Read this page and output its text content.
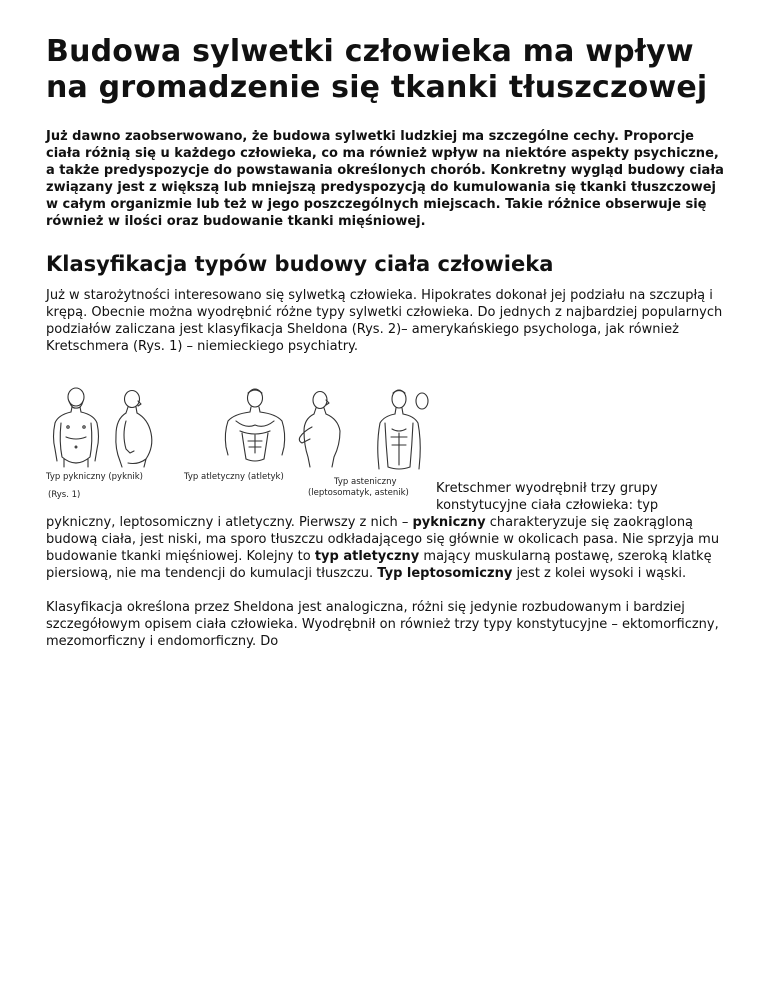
Budowa sylwetki człowieka ma wpływ na gromadzenie się tkanki tłuszczowej
Już dawno zaobserwowano, że budowa sylwetki ludzkiej ma szczególne cechy. Proporcje ciała różnią się u każdego człowieka, co ma również wpływ na niektóre aspekty psychiczne, a także predyspozycje do powstawania określonych chorób. Konkretny wygląd budowy ciała związany jest z większą lub mniejszą predyspozycją do kumulowania się tkanki tłuszczowej w całym organizmie lub też w jego poszczególnych miejscach. Takie różnice obserwuje się również w ilości oraz budowanie tkanki mięśniowej.
Klasyfikacja typów budowy ciała człowieka

Już w starożytności interesowano się sylwetką człowieka. Hipokrates dokonał jej podziału na szczupłą i krępą. Obecnie można wyodrębnić różne typy sylwetki człowieka. Do jednych z najbardziej popularnych podziałów zaliczana jest klasyfikacja Sheldona (Rys. 2)– amerykańskiego psychologa, jak również Kretschmera (Rys. 1) – niemieckiego psychiatry.

Typ pykniczny (pyknik)	Typ atletyczny (atletyk)	Typ asteniczny
(leptosomatyk, astenik)
(Rys. 1)	Kretschmer wyodrębnił trzy grupy konstytucyjne ciała człowieka: typ pykniczny, leptosomiczny i atletyczny. Pierwszy z nich – pykniczny charakteryzuje się zaokrągloną budową ciała, jest niski, ma sporo tłuszczu odkładającego się głównie w okolicach pasa. Nie sprzyja mu budowanie tkanki mięśniowej. Kolejny to typ atletyczny mający muskularną postawę, szeroką klatkę piersiową, nie ma tendencji do kumulacji tłuszczu. Typ leptosomiczny jest z kolei wysoki i wąski.

Klasyfikacja określona przez Sheldona jest analogiczna, różni się jedynie rozbudowanym i bardziej szczegółowym opisem ciała człowieka. Wyodrębnił on również trzy typy konstytucyjne – ektomorficzny, mezomorficzny i endomorficzny. Do
